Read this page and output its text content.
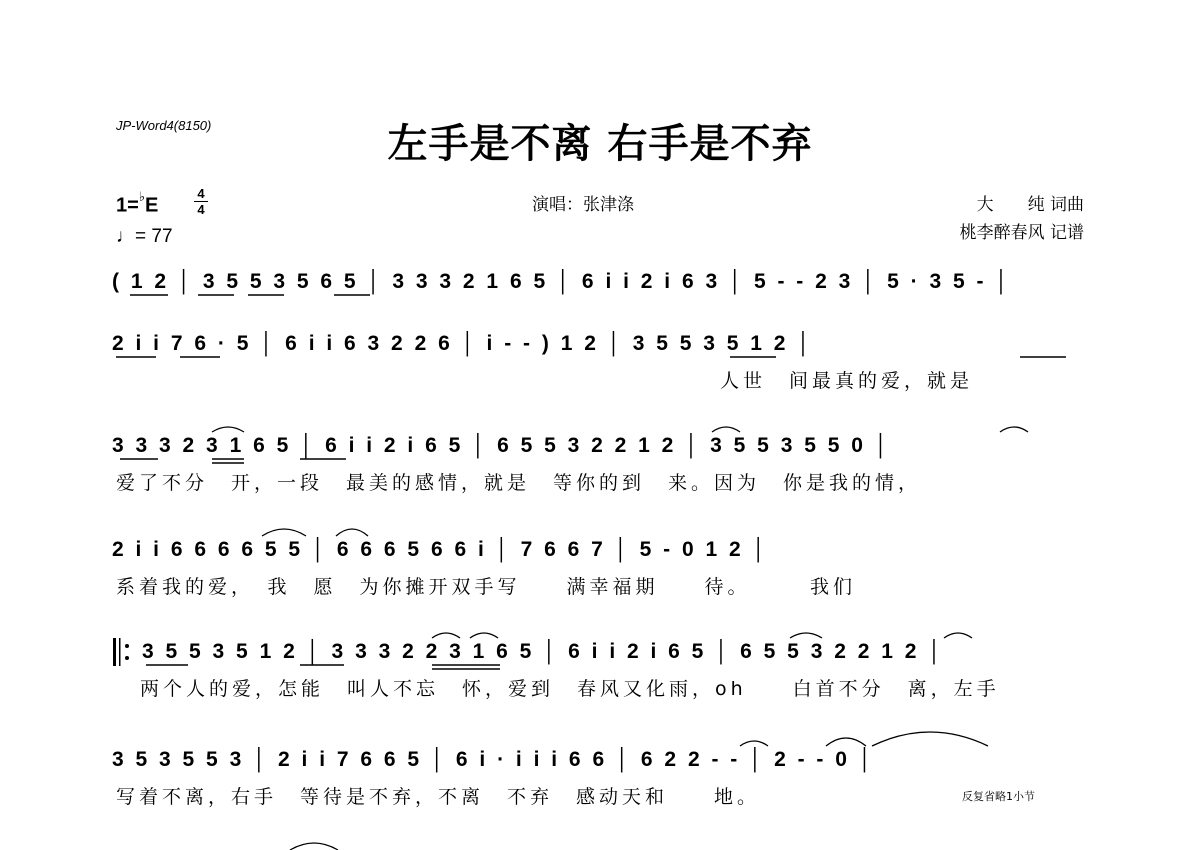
JP-Word4(8150)	左手是不离 右手是不弃
1=♭E
4
4
♩= 77
演唱：张津涤	大　　纯 词曲
桃李醉春风 记谱
( 1 2 │ 3 5 5 3 5 6 5 │ 3 3 3 2 1 6 5 │ 6 i i 2 i 6 3 │ 5 - - 2 3 │ 5 · 3 5 - │
2 i i 7 6 · 5 │ 6 i i 6 3 2 2 6 │ i - - ) 1 2 │ 3 5 5 3 5 1 2 │
人世　间最真的爱，就是
3 3 3 2 3 1 6 5 │ 6 i i 2 i 6 5 │ 6 5 5 3 2 2 1 2 │ 3 5 5 3 5 5 0 │
爱了不分　开，一段　最美的感情，就是　等你的到　来。因为　你是我的情，
2 i i 6 6 6 6 5 5 │ 6 6 6 5 6 6 i │ 7 6 6 7 │ 5 - 0 1 2 │
系着我的爱，　我　愿　为你摊开双手写　　满幸福期　　待。　　　我们
3 5 5 3 5 1 2 │ 3 3 3 2 2 3 1 6 5 │ 6 i i 2 i 6 5 │ 6 5 5 3 2 2 1 2 │
两个人的爱，怎能　叫人不忘　怀，爱到　春风又化雨，oh　　白首不分　离，左手
3 5 3 5 5 3 │ 2 i i 7 6 6 5 │ 6 i · i i i 6 6 │ 6 2 2 - - │ 2 - - 0 │
写着不离，右手　等待是不弃，不离　不弃　感动天和　　地。	反复省略1小节
